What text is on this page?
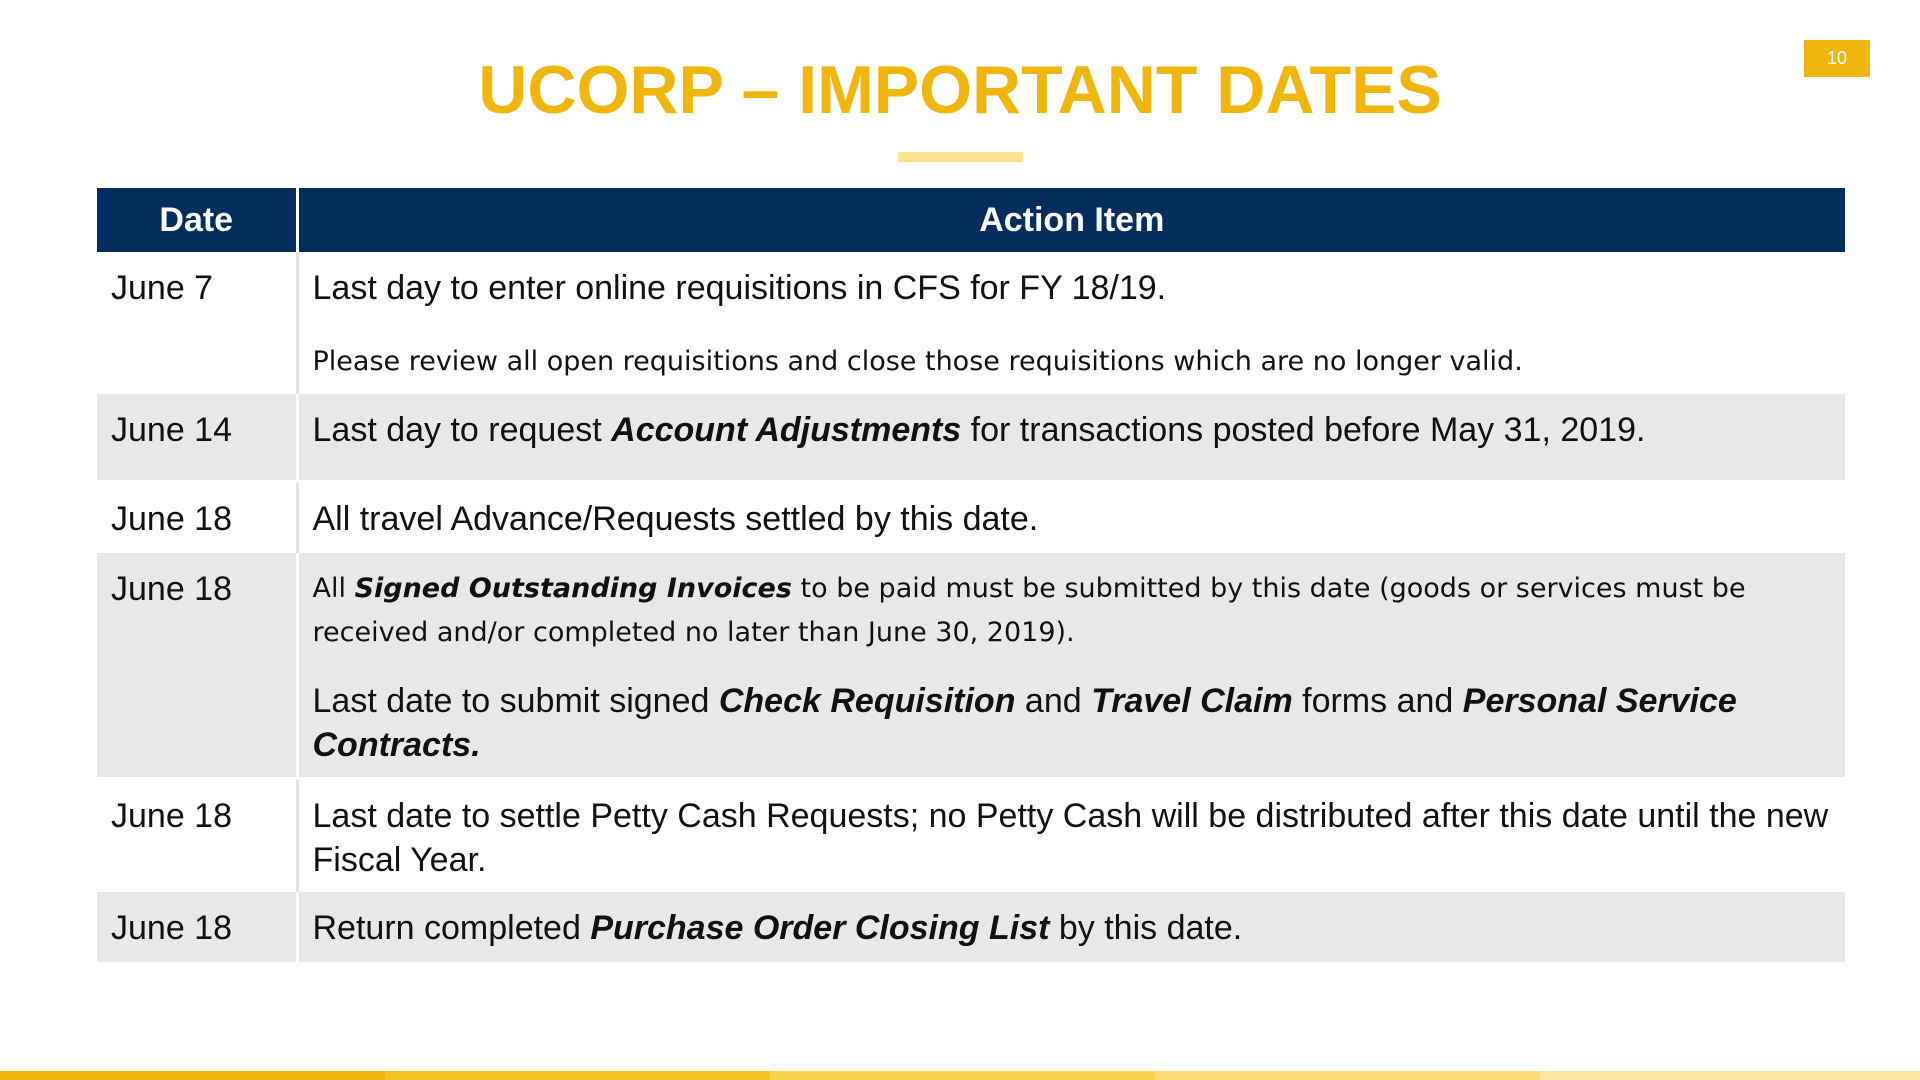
10
UCORP – IMPORTANT DATES
Date	Action Item
June 7	Last day to enter online requisitions in CFS for FY 18/19.
Please review all open requisitions and close those requisitions which are no longer valid.

June 14	Last day to request Account Adjustments for transactions posted before May 31, 2019.
June 18	All travel Advance/Requests settled by this date.
June 18	All Signed Outstanding Invoices to be paid must be submitted by this date (goods or services must be received and/or completed no later than June 30, 2019).
Last date to submit signed Check Requisition and Travel Claim forms and Personal Service Contracts.

June 18	Last date to settle Petty Cash Requests; no Petty Cash will be distributed after this date until the new Fiscal Year.
June 18	Return completed Purchase Order Closing List by this date.
